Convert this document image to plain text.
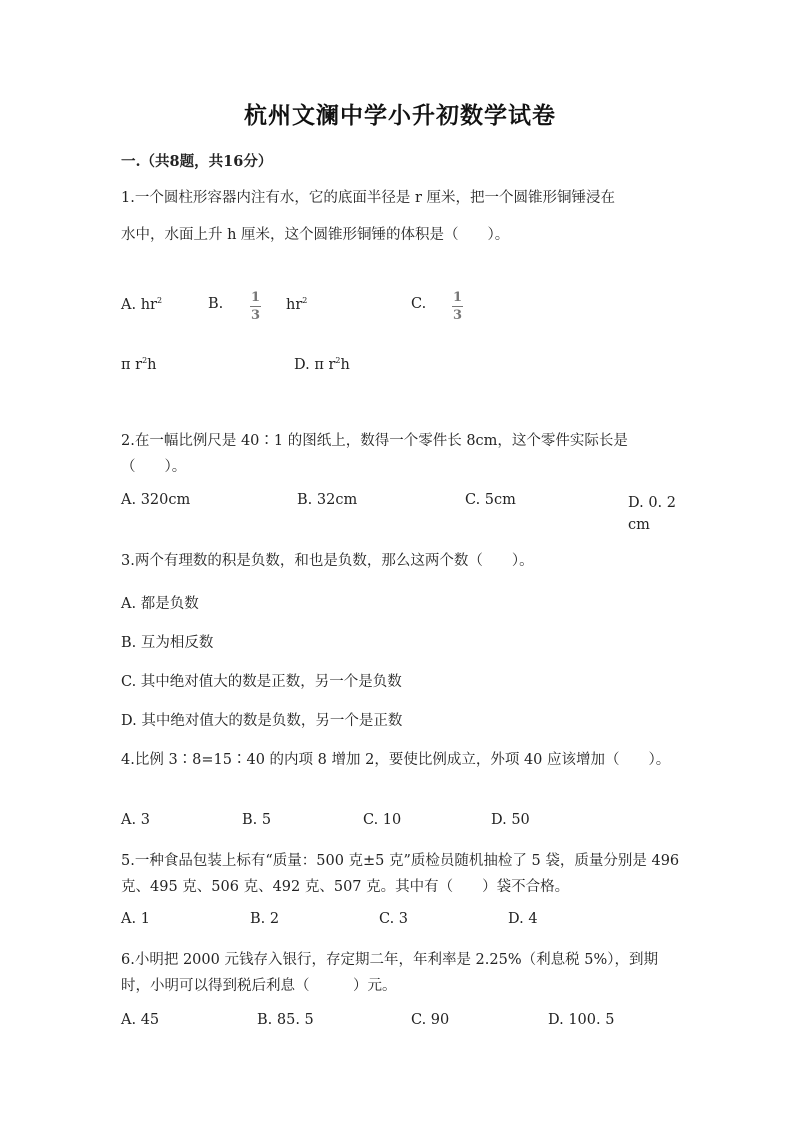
杭州文澜中学小升初数学试卷
一.（共8题，共16分）
1.一个圆柱形容器内注有水，它的底面半径是 r 厘米，把一个圆锥形铜锤浸在
水中，水面上升 h 厘米，这个圆锥形铜锤的体积是（　　）。
A. $hr^2$	B. 1
3
$hr^2$	C. 1
3
π $r^2h$	D. π $r^2h$
2.在一幅比例尺是 40∶1 的图纸上，数得一个零件长 8cm，这个零件实际长是（　　）。
A. 320cm	B. 32cm	C. 5cm	D. 0. 2cm
3.两个有理数的积是负数，和也是负数，那么这两个数（　　）。
A. 都是负数
B. 互为相反数
C. 其中绝对值大的数是正数，另一个是负数
D. 其中绝对值大的数是负数，另一个是正数
4.比例 3∶8=15∶40 的内项 8 增加 2，要使比例成立，外项 40 应该增加（　　）。
A. 3	B. 5	C. 10	D. 50
5.一种食品包装上标有“质量：500 克±5 克”质检员随机抽检了 5 袋，质量分别是 496 克、495 克、506 克、492 克、507 克。其中有（　　）袋不合格。
A. 1	B. 2	C. 3	D. 4
6.小明把 2000 元钱存入银行，存定期二年，年利率是 2.25%（利息税 5%），到期时，小明可以得到税后利息（　　　）元。
A. 45	B. 85. 5	C. 90	D. 100. 5
